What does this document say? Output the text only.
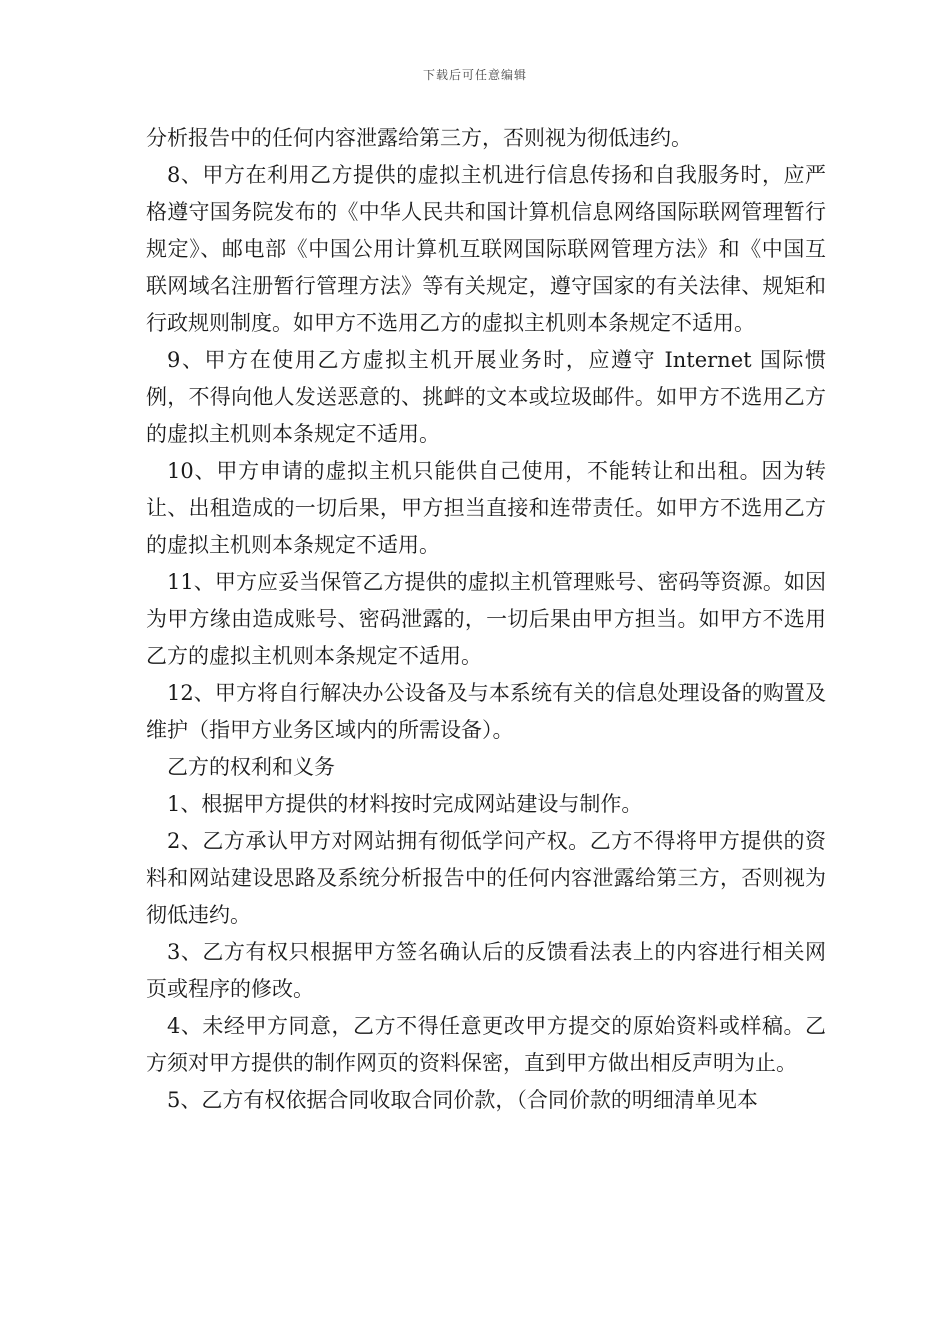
下载后可任意编辑

分析报告中的任何内容泄露给第三方，否则视为彻低违约。

8、甲方在利用乙方提供的虚拟主机进行信息传扬和自我服务时，应严格遵守国务院发布的《中华人民共和国计算机信息网络国际联网管理暂行规定》、邮电部《中国公用计算机互联网国际联网管理方法》和《中国互联网域名注册暂行管理方法》等有关规定，遵守国家的有关法律、规矩和行政规则制度。如甲方不选用乙方的虚拟主机则本条规定不适用。

9、甲方在使用乙方虚拟主机开展业务时，应遵守 Internet 国际惯例，不得向他人发送恶意的、挑衅的文本或垃圾邮件。如甲方不选用乙方的虚拟主机则本条规定不适用。

10、甲方申请的虚拟主机只能供自己使用，不能转让和出租。因为转让、出租造成的一切后果，甲方担当直接和连带责任。如甲方不选用乙方的虚拟主机则本条规定不适用。

11、甲方应妥当保管乙方提供的虚拟主机管理账号、密码等资源。如因为甲方缘由造成账号、密码泄露的，一切后果由甲方担当。如甲方不选用乙方的虚拟主机则本条规定不适用。

12、甲方将自行解决办公设备及与本系统有关的信息处理设备的购置及维护（指甲方业务区域内的所需设备）。

乙方的权利和义务

1、根据甲方提供的材料按时完成网站建设与制作。

2、乙方承认甲方对网站拥有彻低学问产权。乙方不得将甲方提供的资料和网站建设思路及系统分析报告中的任何内容泄露给第三方，否则视为彻低违约。

3、乙方有权只根据甲方签名确认后的反馈看法表上的内容进行相关网页或程序的修改。

4、未经甲方同意，乙方不得任意更改甲方提交的原始资料或样稿。乙方须对甲方提供的制作网页的资料保密，直到甲方做出相反声明为止。

5、乙方有权依据合同收取合同价款，（合同价款的明细清单见本
